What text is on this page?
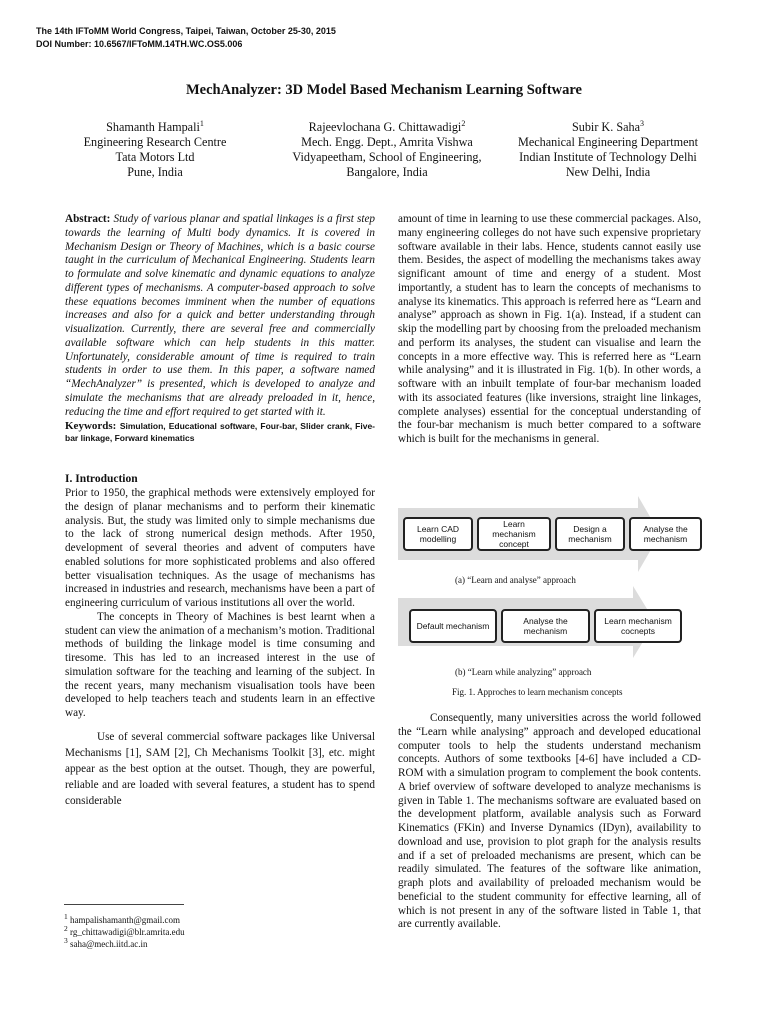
The 14th IFToMM World Congress, Taipei, Taiwan, October 25-30, 2015
DOI Number: 10.6567/IFToMM.14TH.WC.OS5.006
MechAnalyzer: 3D Model Based Mechanism Learning Software
Shamanth Hampali$^1$
Engineering Research Centre
Tata Motors Ltd
Pune, India
Rajeevlochana G. Chittawadigi$^2$
Mech. Engg. Dept., Amrita Vishwa
Vidyapeetham, School of Engineering,
Bangalore, India
Subir K. Saha$^3$
Mechanical Engineering Department
Indian Institute of Technology Delhi
New Delhi, India

Abstract: Study of various planar and spatial linkages is a first step towards the learning of Multi body dynamics. It is covered in Mechanism Design or Theory of Machines, which is a basic course taught in the curriculum of Mechanical Engineering. Students learn to formulate and solve kinematic and dynamic equations to analyze different types of mechanisms. A computer-based approach to solve these equations becomes imminent when the number of equations increases and also for a quick and better understanding through visualization. Currently, there are several free and commercially available software which can help students in this matter. Unfortunately, considerable amount of time is required to train students in order to use them. In this paper, a software named “MechAnalyzer” is presented, which is developed to analyze and simulate the mechanisms that are already preloaded in it, hence, reducing the time and effort required to get started with it.

Keywords: Simulation, Educational software, Four-bar, Slider crank, Five-bar linkage, Forward kinematics

I. Introduction

Prior to 1950, the graphical methods were extensively employed for the design of planar mechanisms and to perform their kinematic analysis. But, the study was limited only to simple mechanisms due to the lack of strong numerical design methods. After 1950, development of several theories and advent of computers have enabled solutions for more sophisticated problems and also offered better visualisation techniques. As the usage of mechanisms has increased in industries and research, mechanisms have been a part of engineering curriculum of various institutions all over the world.

The concepts in Theory of Machines is best learnt when a student can view the animation of a mechanism’s motion. Traditional methods of building the linkage model is time consuming and tiresome. This has led to an increased interest in the use of simulation software for the teaching and learning of the subject. In the recent years, many mechanism visualisation tools have been developed to help teachers teach and students learn in an effective way.

Use of several commercial software packages like Universal Mechanisms [1], SAM [2], Ch Mechanisms Toolkit [3], etc. might appear as the best option at the outset. Though, they are powerful, reliable and are loaded with several features, a student has to spend considerable

$^1$ hampalishamanth@gmail.com
$^2$ rg_chittawadigi@blr.amrita.edu
$^3$ saha@mech.iitd.ac.in

amount of time in learning to use these commercial packages. Also, many engineering colleges do not have such expensive proprietary software available in their labs. Hence, students cannot easily use them. Besides, the aspect of modelling the mechanisms takes away significant amount of time and energy of a student. Most importantly, a student has to learn the concepts of mechanisms to analyse its kinematics. This approach is referred here as “Learn and analyse” approach as shown in Fig. 1(a). Instead, if a student can skip the modelling part by choosing from the preloaded mechanism and perform its analyses, the student can visualise and learn the concepts in a more effective way. This is referred here as “Learn while analysing” and it is illustrated in Fig. 1(b). In other words, a software with an inbuilt template of four-bar mechanism loaded with its associated features (like inversions, straight line linkages, complete analyses) essential for the conceptual understanding of the four-bar mechanism is much better compared to a software which is built for the mechanisms in general.

Learn CAD modelling
Learn mechanism concept
Design a mechanism
Analyse the mechanism
(a) “Learn and analyse” approach
Default mechanism	Analyse the mechanism
Learn mechanism cocnepts
(b) “Learn while analyzing” approach
Fig. 1. Approches to learn mechanism concepts

Consequently, many universities across the world followed the “Learn while analysing” approach and developed educational computer tools to help the students understand mechanism concepts. Authors of some textbooks [4-6] have included a CD-ROM with a simulation program to complement the book contents. A brief overview of software developed to analyze mechanisms is given in Table 1. The mechanisms software are evaluated based on the development platform, available analysis such as Forward Kinematics (FKin) and Inverse Dynamics (IDyn), availability to download and use, provision to plot graph for the analysis results and if a set of preloaded mechanisms are present, which can be readily simulated. The features of the software like animation, graph plots and availability of preloaded mechanism would be beneficial to the student community for effective learning, all of which is not present in any of the software listed in Table 1, that are currently available.
